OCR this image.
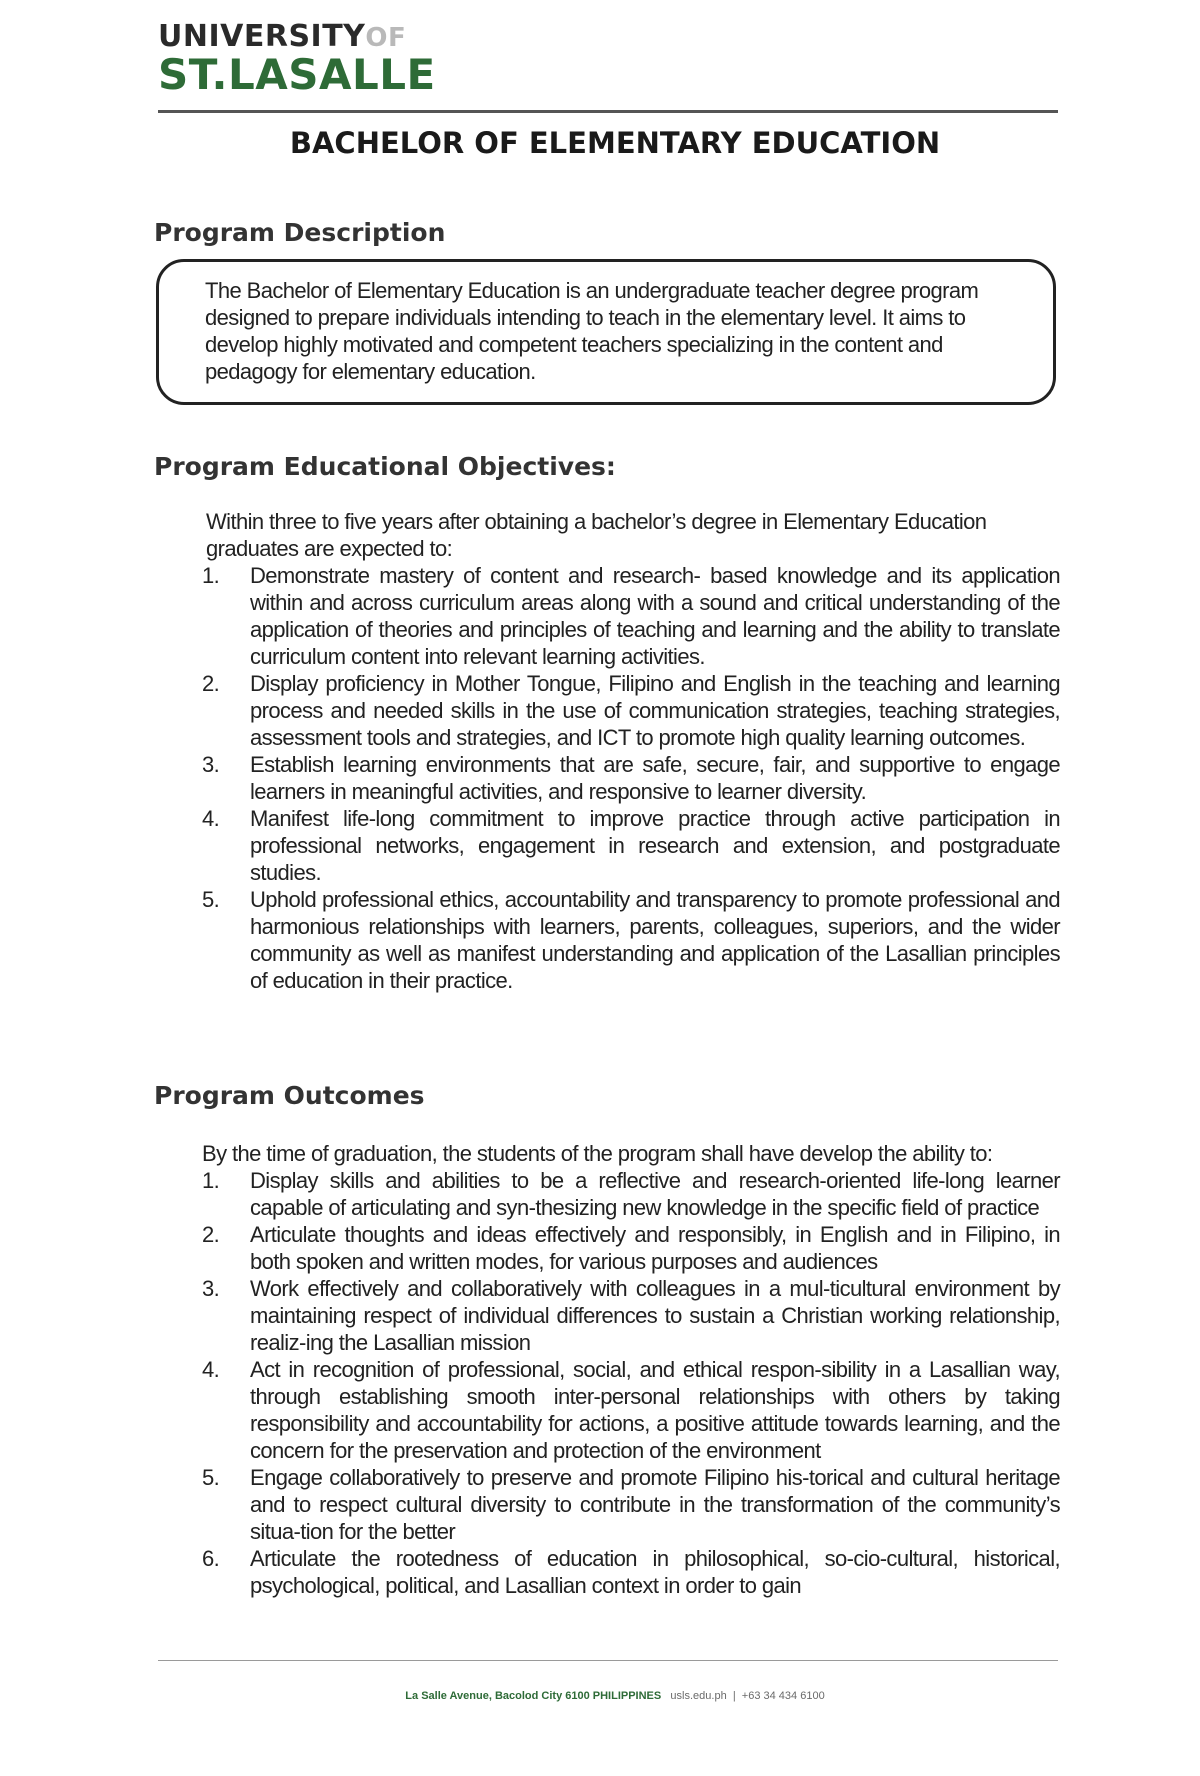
UNIVERSITYOF
ST.LASALLE
BACHELOR OF ELEMENTARY EDUCATION
Program Description
The Bachelor of Elementary Education is an undergraduate teacher degree program designed to prepare individuals intending to teach in the elementary level. It aims to develop highly motivated and competent teachers specializing in the content and pedagogy for elementary education.
Program Educational Objectives:
Within three to five years after obtaining a bachelor’s degree in Elementary Education graduates are expected to:
1. Demonstrate mastery of content and research- based knowledge and its application within and across curriculum areas along with a sound and critical understanding of the application of theories and principles of teaching and learning and the ability to translate curriculum content into relevant learning activities.
2. Display proficiency in Mother Tongue, Filipino and English in the teaching and learning process and needed skills in the use of communication strategies, teaching strategies, assessment tools and strategies, and ICT to promote high quality learning outcomes.
3. Establish learning environments that are safe, secure, fair, and supportive to engage learners in meaningful activities, and responsive to learner diversity.
4. Manifest life-long commitment to improve practice through active participation in professional networks, engagement in research and extension, and postgraduate studies.
5. Uphold professional ethics, accountability and transparency to promote professional and harmonious relationships with learners, parents, colleagues, superiors, and the wider community as well as manifest understanding and application of the Lasallian principles of education in their practice.
Program Outcomes
By the time of graduation, the students of the program shall have develop the ability to:
1. Display skills and abilities to be a reflective and research-oriented life-long learner capable of articulating and syn-thesizing new knowledge in the specific field of practice
2. Articulate thoughts and ideas effectively and responsibly, in English and in Filipino, in both spoken and written modes, for various purposes and audiences
3. Work effectively and collaboratively with colleagues in a mul-ticultural environment by maintaining respect of individual differences to sustain a Christian working relationship, realiz-ing the Lasallian mission
4. Act in recognition of professional, social, and ethical respon-sibility in a Lasallian way, through establishing smooth inter-personal relationships with others by taking responsibility and accountability for actions, a positive attitude towards learning, and the concern for the preservation and protection of the environment
5. Engage collaboratively to preserve and promote Filipino his-torical and cultural heritage and to respect cultural diversity to contribute in the transformation of the community’s situa-tion for the better
6. Articulate the rootedness of education in philosophical, so-cio-cultural, historical, psychological, political, and Lasallian context in order to gain
La Salle Avenue, Bacolod City 6100 PHILIPPINES usls.edu.ph | +63 34 434 6100
